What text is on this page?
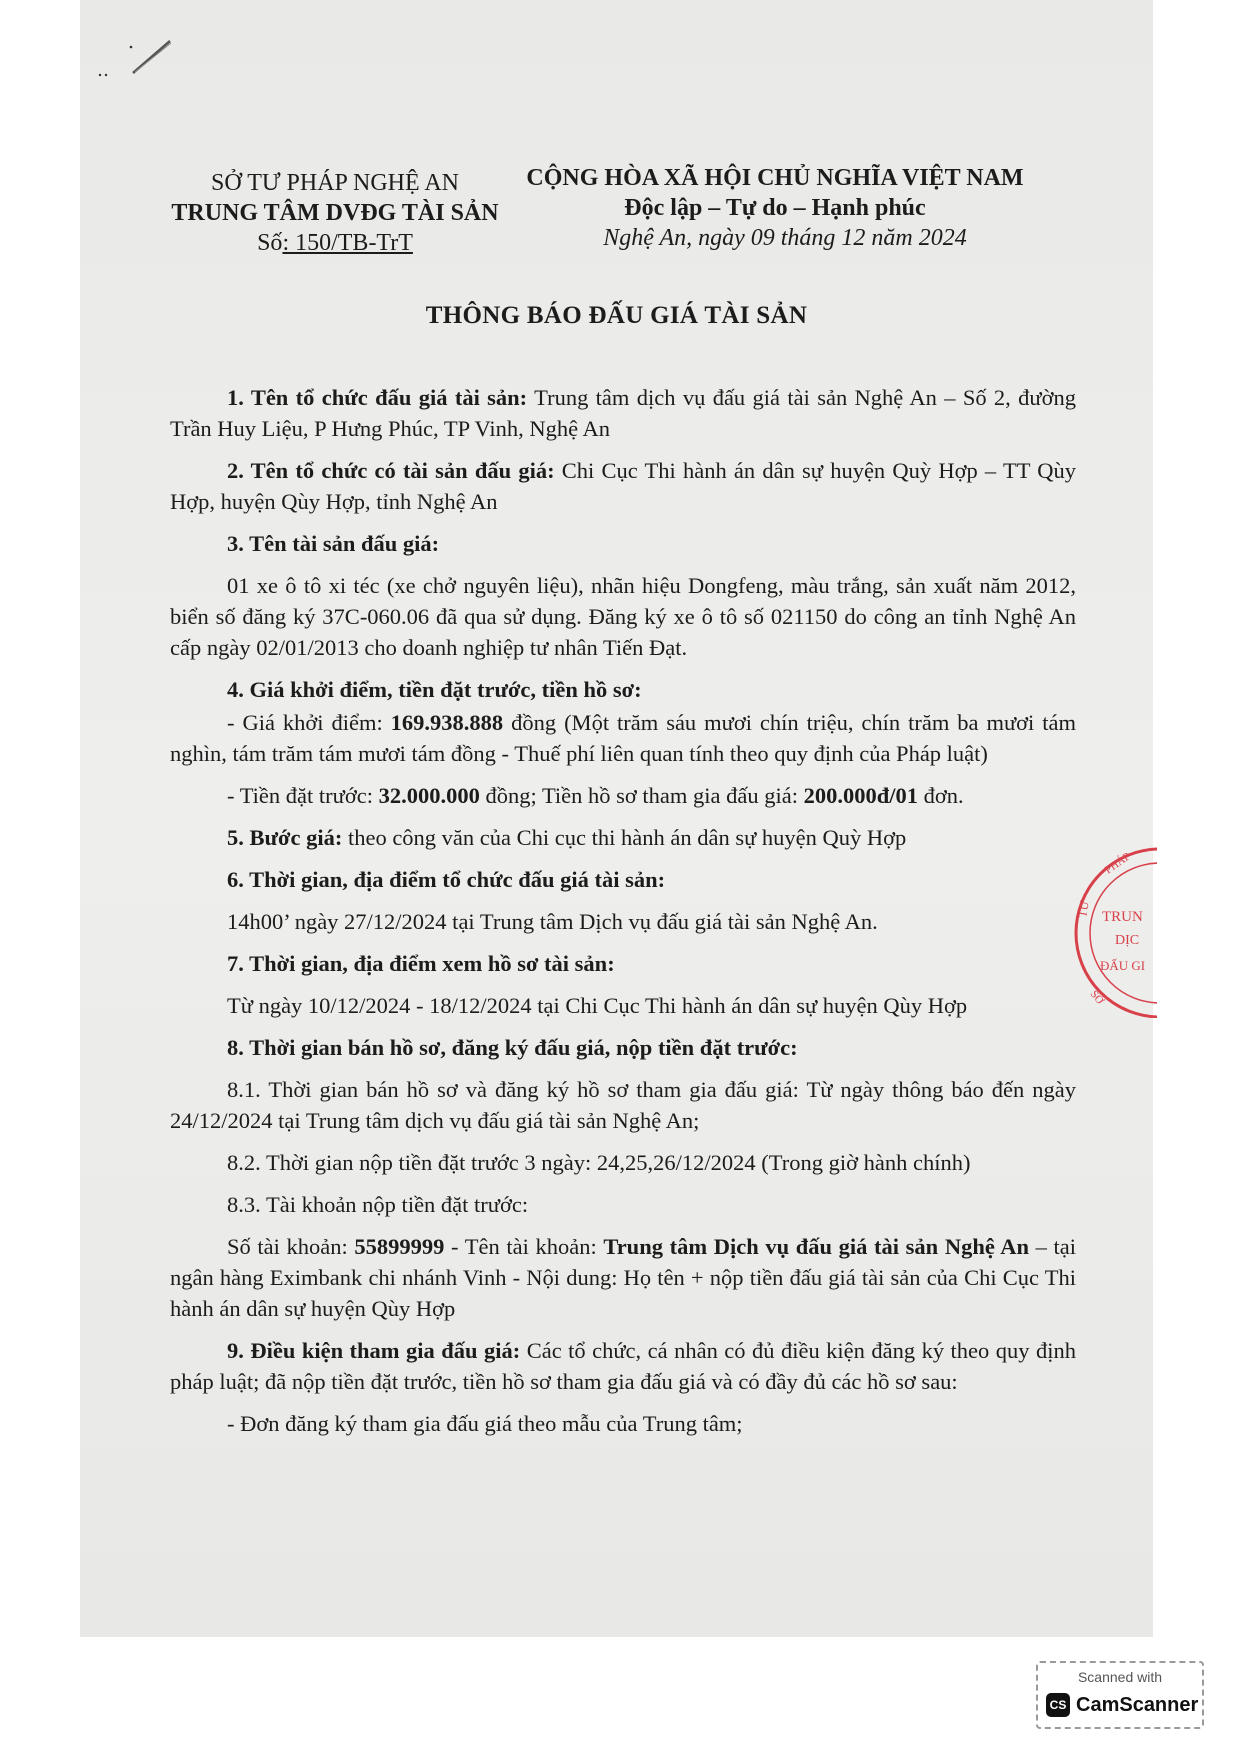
SỞ TƯ PHÁP NGHỆ AN
TRUNG TÂM DVĐG TÀI SẢN
Số: 150/TB-TrT
CỘNG HÒA XÃ HỘI CHỦ NGHĨA VIỆT NAM
Độc lập – Tự do – Hạnh phúc
Nghệ An, ngày 09 tháng 12 năm 2024
THÔNG BÁO ĐẤU GIÁ TÀI SẢN

1. Tên tổ chức đấu giá tài sản: Trung tâm dịch vụ đấu giá tài sản Nghệ An – Số 2, đường Trần Huy Liệu, P Hưng Phúc, TP Vinh, Nghệ An

2. Tên tổ chức có tài sản đấu giá: Chi Cục Thi hành án dân sự huyện Quỳ Hợp – TT Qùy Hợp, huyện Qùy Hợp, tỉnh Nghệ An

3. Tên tài sản đấu giá:

01 xe ô tô xi téc (xe chở nguyên liệu), nhãn hiệu Dongfeng, màu trắng, sản xuất năm 2012, biển số đăng ký 37C-060.06 đã qua sử dụng. Đăng ký xe ô tô số 021150 do công an tỉnh Nghệ An cấp ngày 02/01/2013 cho doanh nghiệp tư nhân Tiến Đạt.

4. Giá khởi điểm, tiền đặt trước, tiền hồ sơ:

- Giá khởi điểm: 169.938.888 đồng (Một trăm sáu mươi chín triệu, chín trăm ba mươi tám nghìn, tám trăm tám mươi tám đồng - Thuế phí liên quan tính theo quy định của Pháp luật)

- Tiền đặt trước: 32.000.000 đồng; Tiền hồ sơ tham gia đấu giá: 200.000đ/01 đơn.

5. Bước giá: theo công văn của Chi cục thi hành án dân sự huyện Quỳ Hợp

6. Thời gian, địa điểm tổ chức đấu giá tài sản:

14h00’ ngày 27/12/2024 tại Trung tâm Dịch vụ đấu giá tài sản Nghệ An.

7. Thời gian, địa điểm xem hồ sơ tài sản:

Từ ngày 10/12/2024 - 18/12/2024 tại Chi Cục Thi hành án dân sự huyện Qùy Hợp

8. Thời gian bán hồ sơ, đăng ký đấu giá, nộp tiền đặt trước:

8.1. Thời gian bán hồ sơ và đăng ký hồ sơ tham gia đấu giá: Từ ngày thông báo đến ngày 24/12/2024 tại Trung tâm dịch vụ đấu giá tài sản Nghệ An;

8.2. Thời gian nộp tiền đặt trước 3 ngày: 24,25,26/12/2024 (Trong giờ hành chính)

8.3. Tài khoản nộp tiền đặt trước:

Số tài khoản: 55899999 - Tên tài khoản: Trung tâm Dịch vụ đấu giá tài sản Nghệ An – tại ngân hàng Eximbank chi nhánh Vinh - Nội dung: Họ tên + nộp tiền đấu giá tài sản của Chi Cục Thi hành án dân sự huyện Qùy Hợp

9. Điều kiện tham gia đấu giá: Các tổ chức, cá nhân có đủ điều kiện đăng ký theo quy định pháp luật; đã nộp tiền đặt trước, tiền hồ sơ tham gia đấu giá và có đầy đủ các hồ sơ sau:

- Đơn đăng ký tham gia đấu giá theo mẫu của Trung tâm;

PHÁP
TRUN
DỊC
ĐẤU GI
TƯ
SỞ
Scanned with
CS CamScanner
